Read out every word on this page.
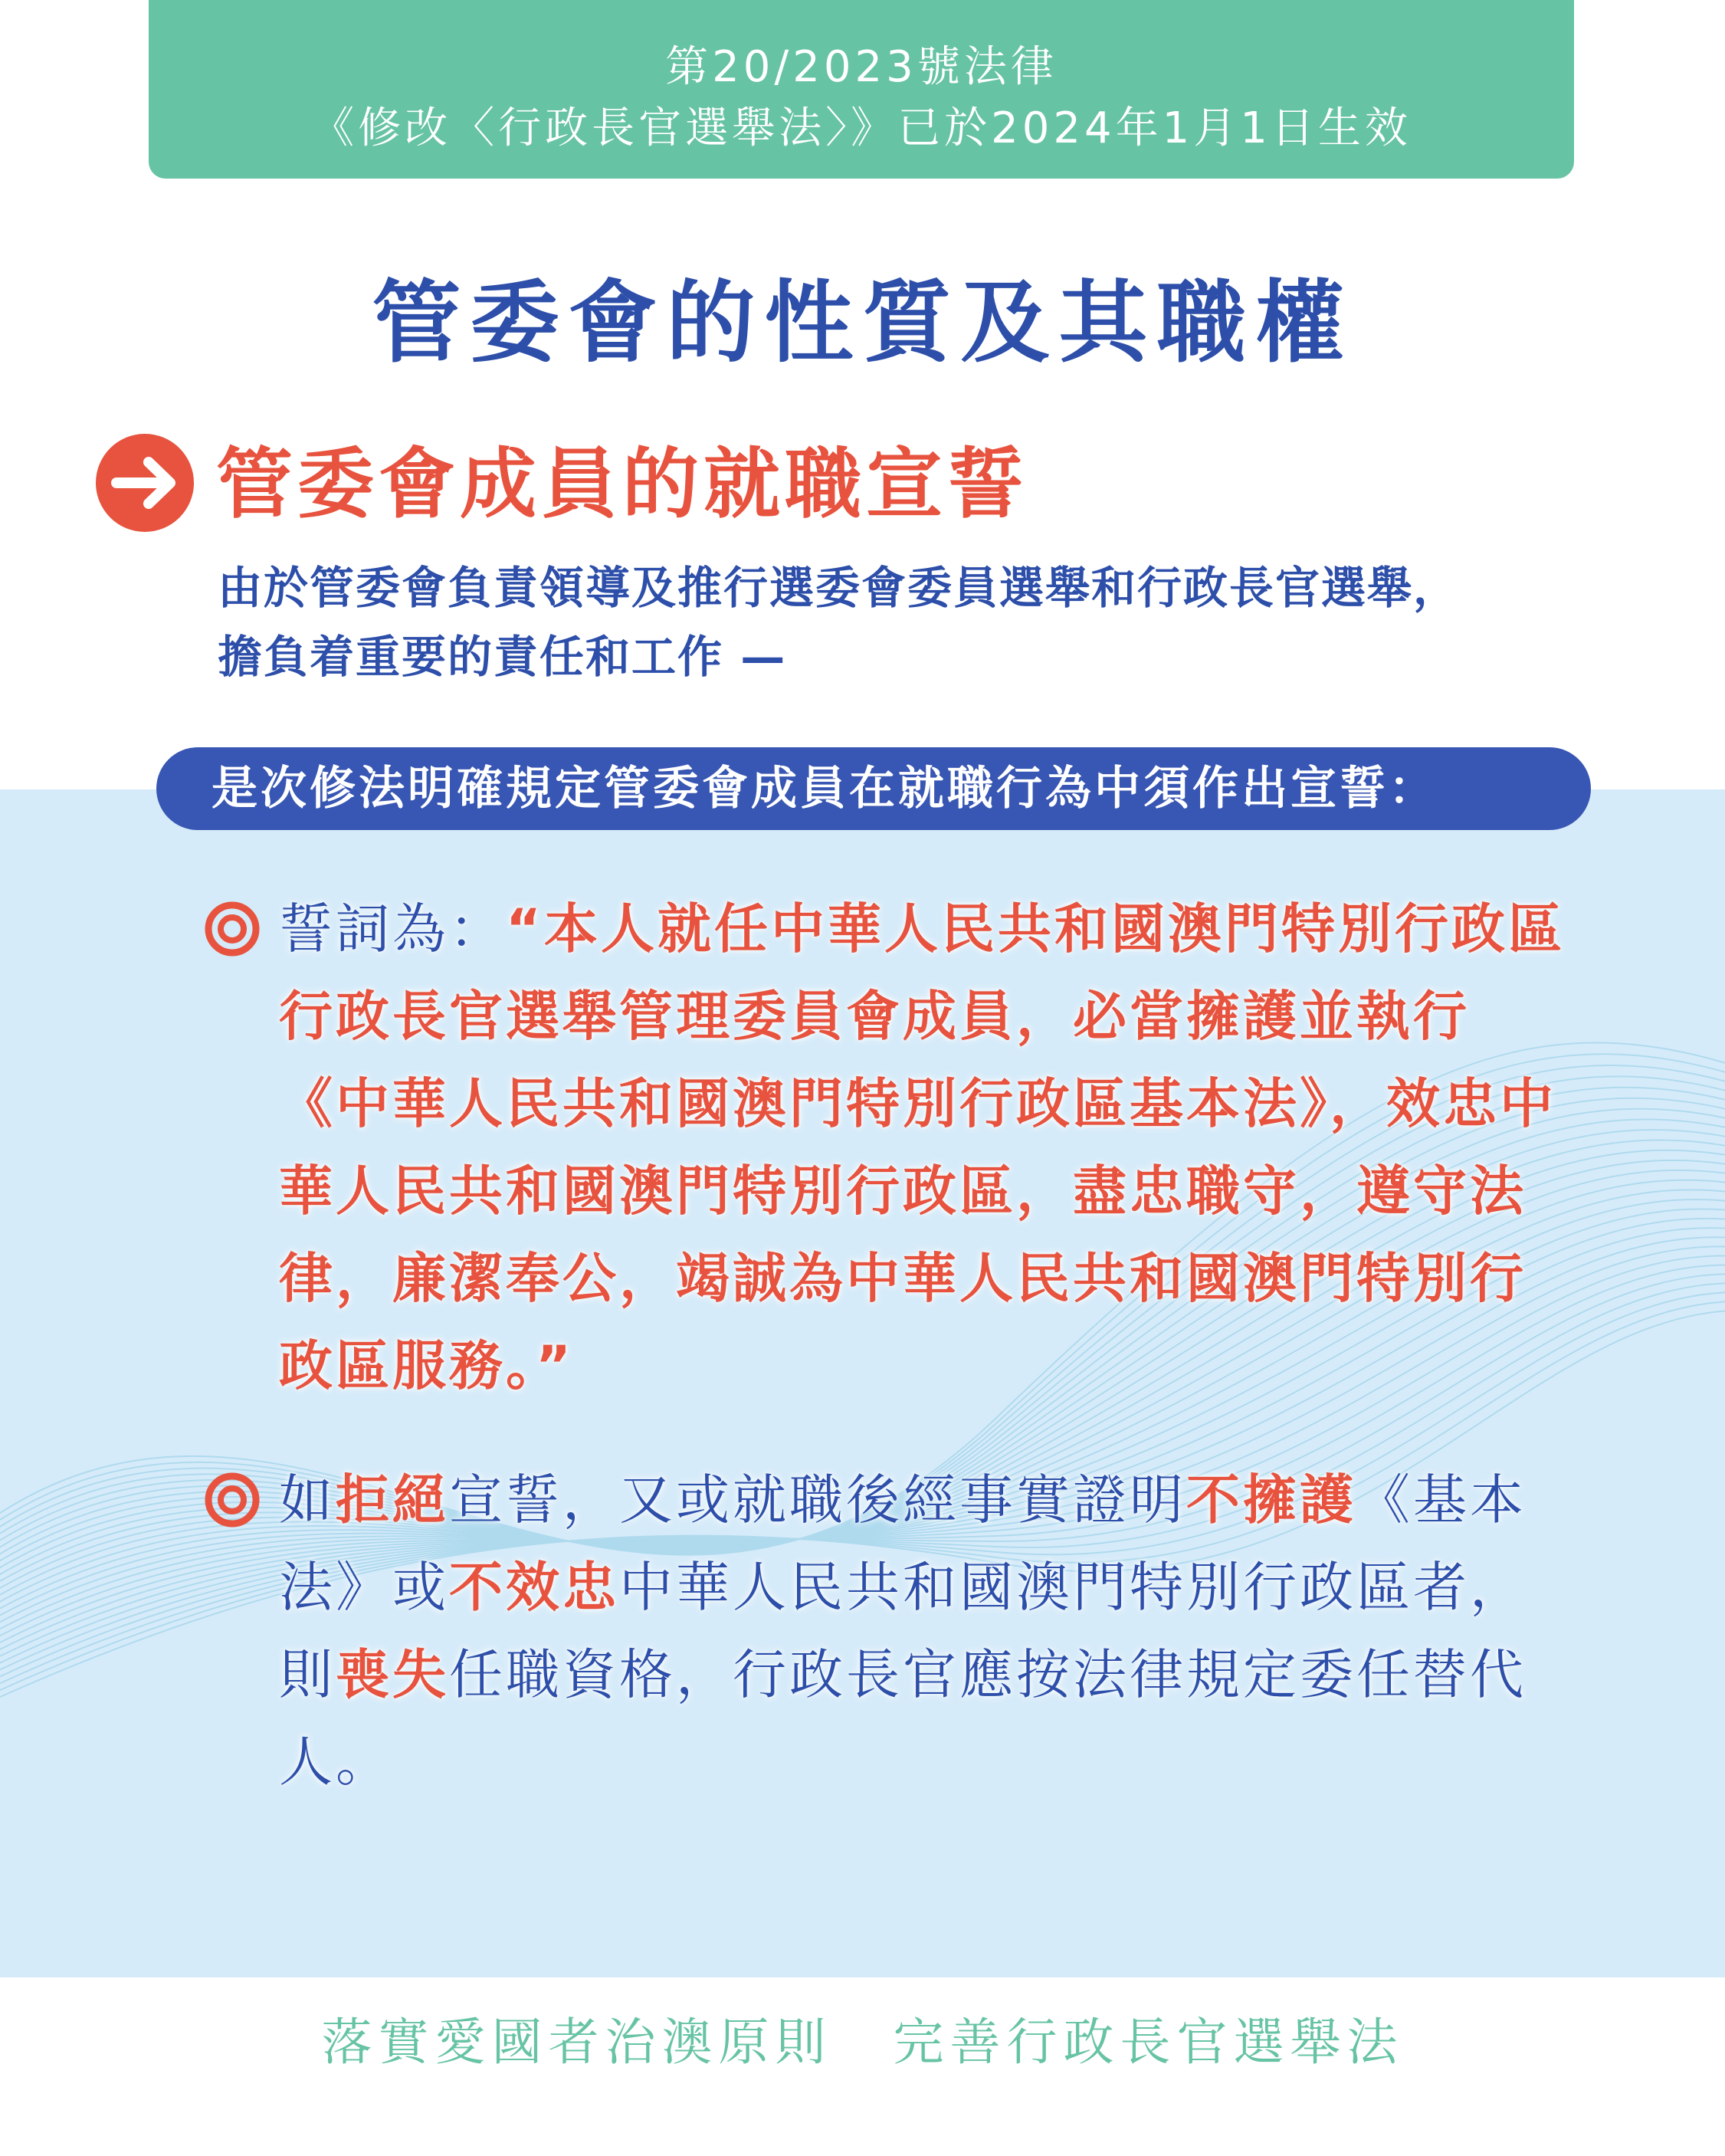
第20/2023號法律
《修改〈行政長官選舉法〉》已於2024年1月1日生效
管委會的性質及其職權
管委會成員的就職宣誓
由於管委會負責領導及推行選委會委員選舉和行政長官選舉，
擔負着重要的責任和工作 —
是次修法明確規定管委會成員在就職行為中須作出宣誓：
誓詞為：“本人就任中華人民共和國澳門特別行政區行政長官選舉管理委員會成員，必當擁護並執行《中華人民共和國澳門特別行政區基本法》，效忠中華人民共和國澳門特別行政區，盡忠職守，遵守法律，廉潔奉公，竭誠為中華人民共和國澳門特別行政區服務。”
如拒絕宣誓，又或就職後經事實證明不擁護《基本法》或不效忠中華人民共和國澳門特別行政區者，則喪失任職資格，行政長官應按法律規定委任替代人。
落實愛國者治澳原則 完善行政長官選舉法
